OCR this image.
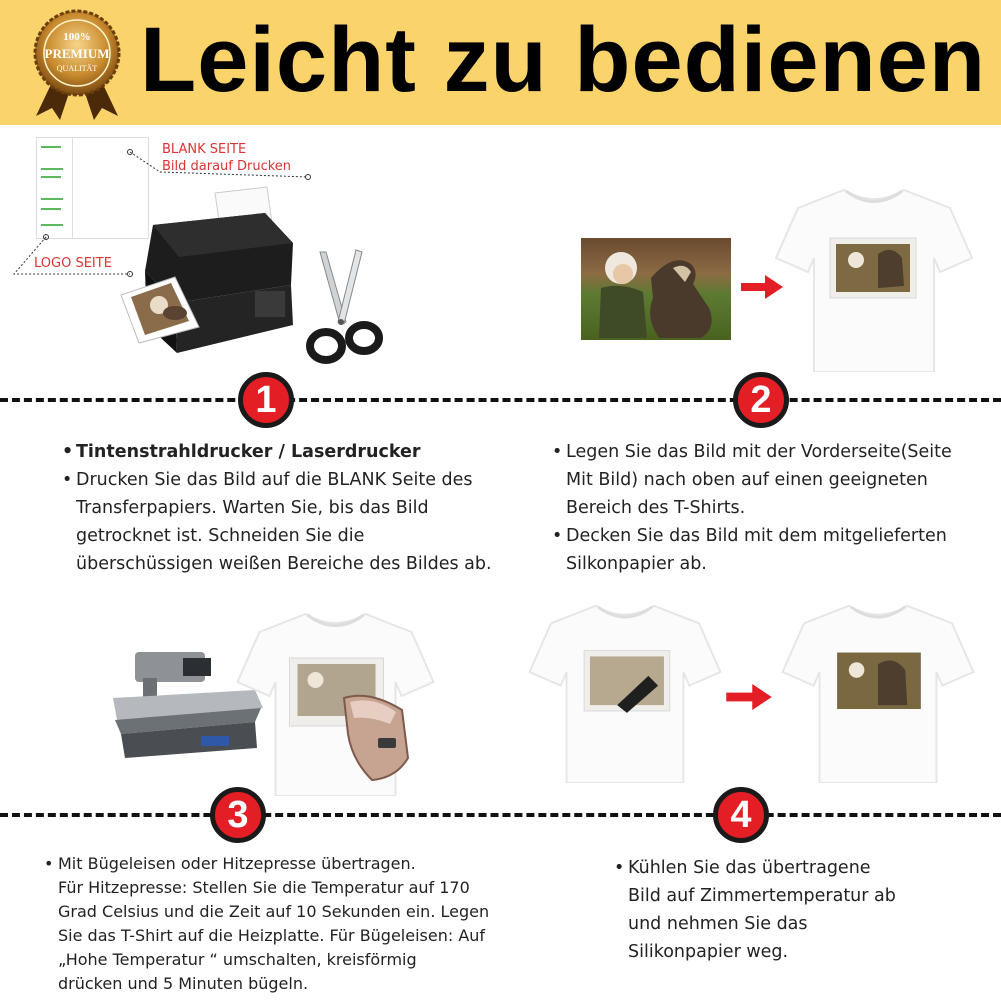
100%
PREMIUM
QUALITÄT Leicht zu bedienen
BLANK SEITE
Bild darauf Drucken
LOGO SEITE
1	2
• Tintenstrahldrucker / Laserdrucker
• Drucken Sie das Bild auf die BLANK Seite des Transferpapiers. Warten Sie, bis das Bild getrocknet ist. Schneiden Sie die überschüssigen weißen Bereiche des Bildes ab.
• Legen Sie das Bild mit der Vorderseite(Seite Mit Bild) nach oben auf einen geeigneten Bereich des T-Shirts.
• Decken Sie das Bild mit dem mitgelieferten Silkonpapier ab.
3	4
• Mit Bügeleisen oder Hitzepresse übertragen.
Für Hitzepresse: Stellen Sie die Temperatur auf 170
Grad Celsius und die Zeit auf 10 Sekunden ein. Legen
Sie das T-Shirt auf die Heizplatte. Für Bügeleisen: Auf
„Hohe Temperatur “ umschalten, kreisförmig
drücken und 5 Minuten bügeln.
• Kühlen Sie das übertragene
Bild auf Zimmertemperatur ab
und nehmen Sie das
Silikonpapier weg.
